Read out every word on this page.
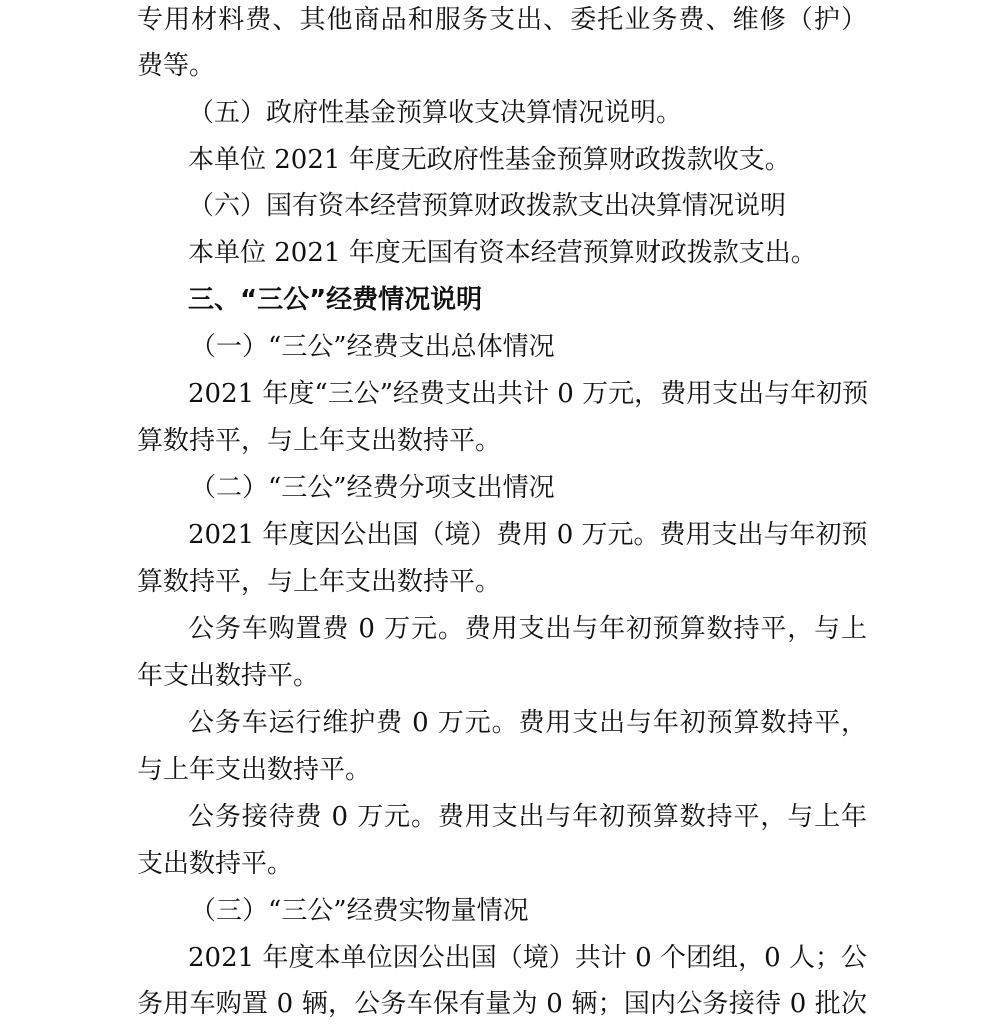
专用材料费、其他商品和服务支出、委托业务费、维修（护）

费等。

（五）政府性基金预算收支决算情况说明。

本单位 2021 年度无政府性基金预算财政拨款收支。

（六）国有资本经营预算财政拨款支出决算情况说明

本单位 2021 年度无国有资本经营预算财政拨款支出。

三、“三公”经费情况说明

（一）“三公”经费支出总体情况

2021 年度“三公”经费支出共计 0 万元，费用支出与年初预

算数持平，与上年支出数持平。

（二）“三公”经费分项支出情况

2021 年度因公出国（境）费用 0 万元。费用支出与年初预

算数持平，与上年支出数持平。

公务车购置费 0 万元。费用支出与年初预算数持平，与上

年支出数持平。

公务车运行维护费 0 万元。费用支出与年初预算数持平，

与上年支出数持平。

公务接待费 0 万元。费用支出与年初预算数持平，与上年

支出数持平。

（三）“三公”经费实物量情况

2021 年度本单位因公出国（境）共计 0 个团组，0 人；公

务用车购置 0 辆，公务车保有量为 0 辆；国内公务接待 0 批次
